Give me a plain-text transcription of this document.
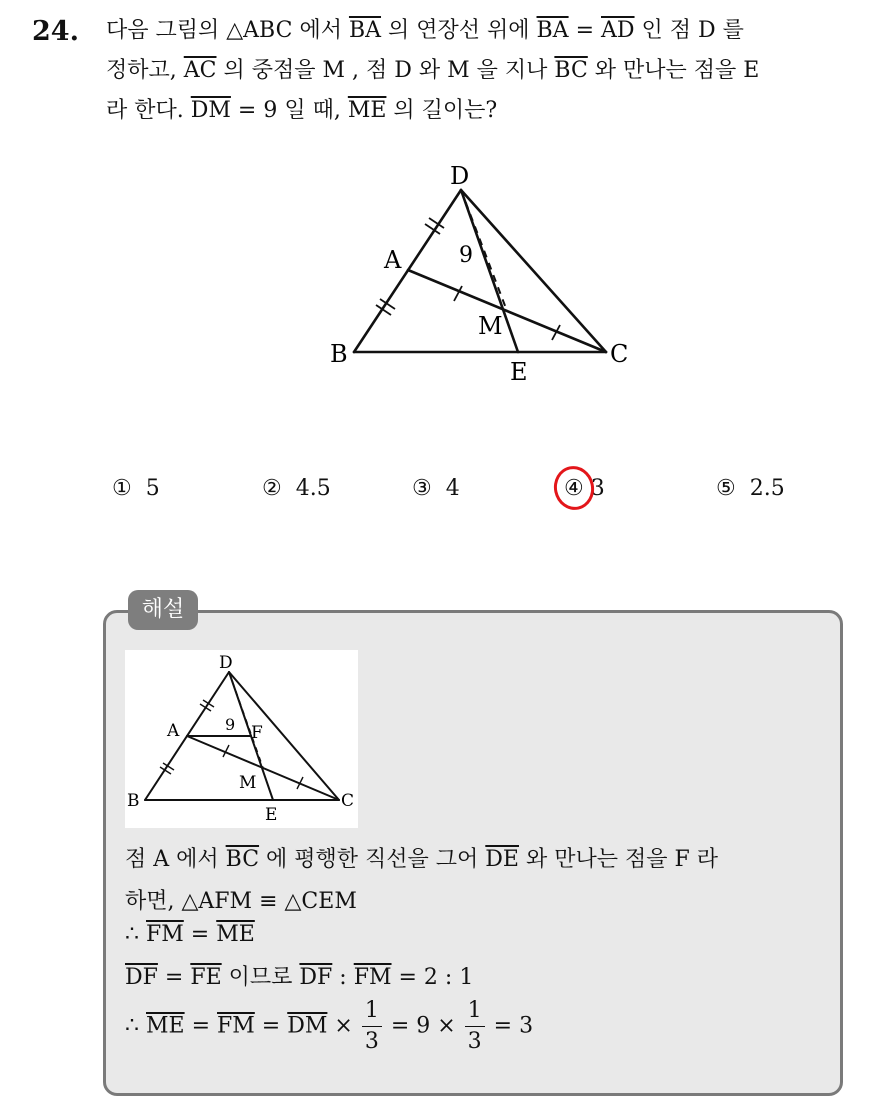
24. 다음 그림의 △ABC 에서 $\overline{BA}$ 의 연장선 위에 $\overline{BA} = \overline{AD}$ 인 점 D 를
정하고, $\overline{AC}$ 의 중점을 M , 점 D 와 M 을 지나 $\overline{BC}$ 와 만나는 점을 E
라 한다. $\overline{DM} = 9$ 일 때, $\overline{ME}$ 의 길이는?
D
A
B	C
M
E
9
① 5	② 4.5	③ 4	④ 3	⑤ 2.5
해설
D
A	F
B	C
M
E
9
점 A 에서 $\overline{BC}$ 에 평행한 직선을 그어 $\overline{DE}$ 와 만나는 점을 F 라
하면, △AFM ≡ △CEM
∴ $\overline{FM} = \overline{ME}$
$\overline{DF} = \overline{FE}$ 이므로 $\overline{DF}$ : $\overline{FM} = 2$ : 1
∴ $\overline{ME} = \overline{FM} = \overline{DM} \times \frac{1}{3} = 9 \times \frac{1}{3} = 3$
